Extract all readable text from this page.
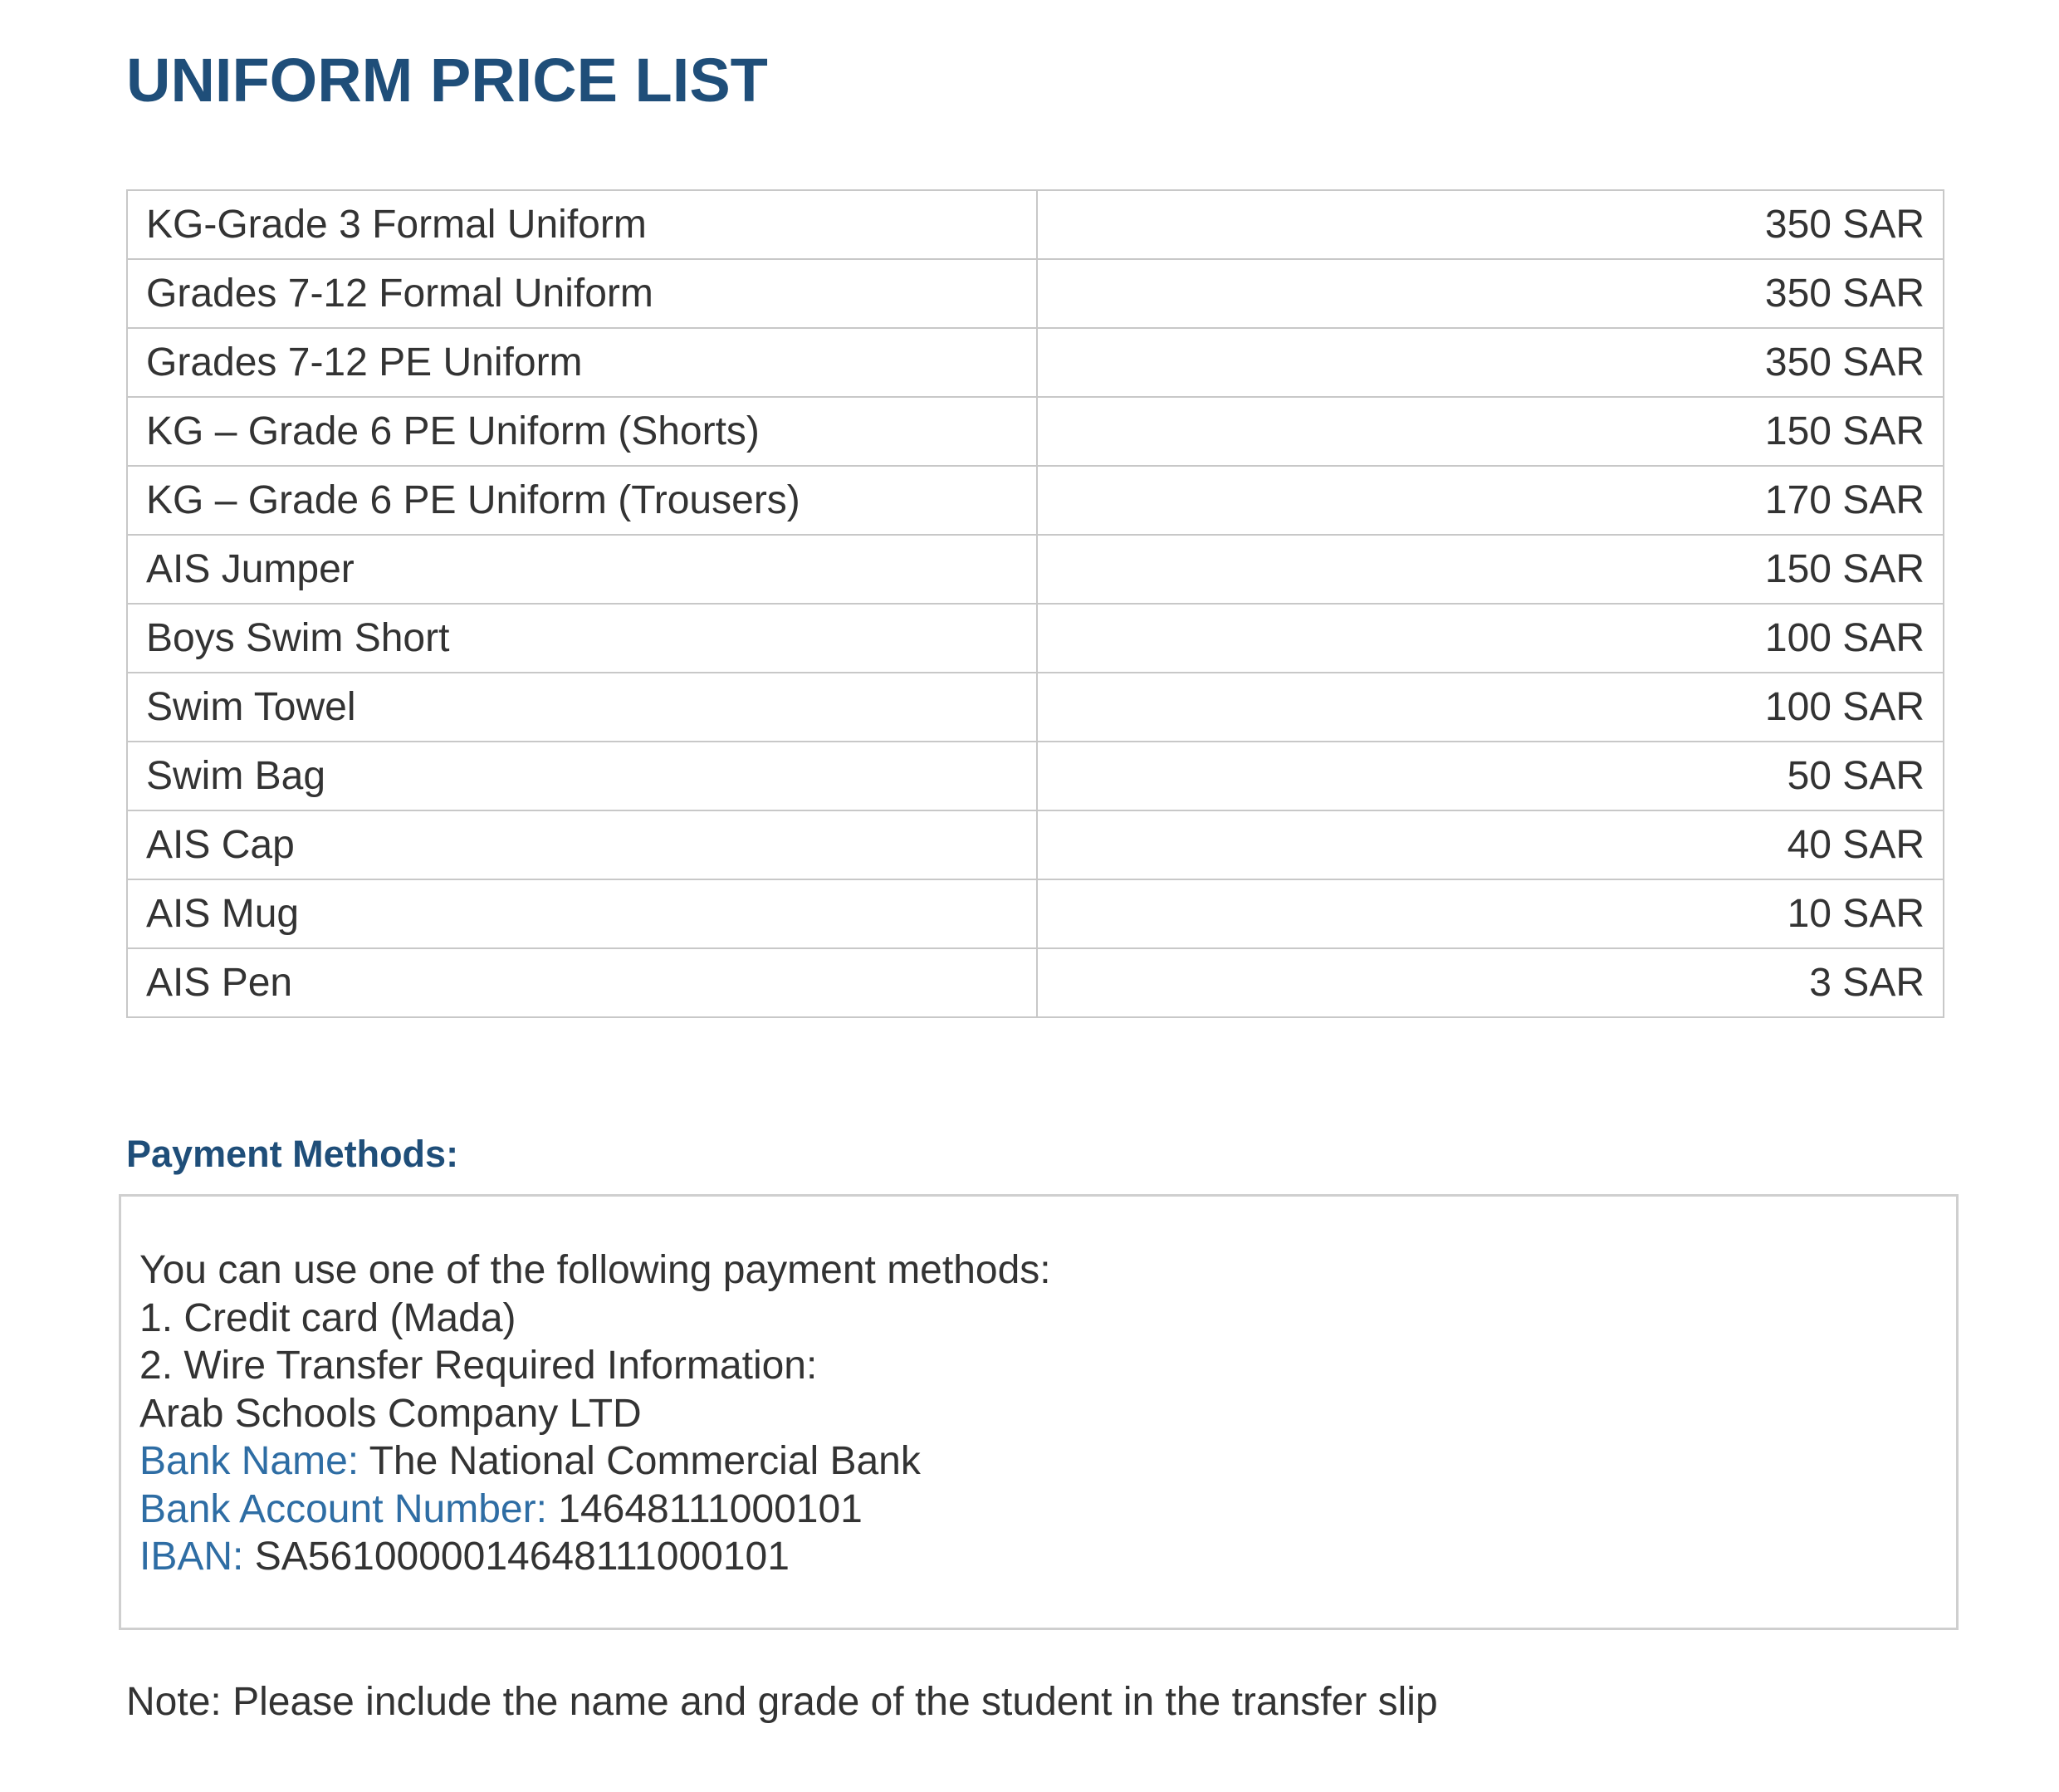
UNIFORM PRICE LIST
KG-Grade 3 Formal Uniform	350 SAR
Grades 7-12 Formal Uniform	350 SAR
Grades 7-12 PE Uniform	350 SAR
KG – Grade 6 PE Uniform (Shorts)	150 SAR
KG – Grade 6 PE Uniform (Trousers)	170 SAR
AIS Jumper	150 SAR
Boys Swim Short	100 SAR
Swim Towel	100 SAR
Swim Bag	50 SAR
AIS Cap	40 SAR
AIS Mug	10 SAR
AIS Pen	3 SAR
Payment Methods:
You can use one of the following payment methods:
1. Credit card (Mada)
2. Wire Transfer Required Information:
Arab Schools Company LTD
Bank Name: The National Commercial Bank
Bank Account Number: 14648111000101
IBAN: SA5610000014648111000101

Note: Please include the name and grade of the student in the transfer slip
